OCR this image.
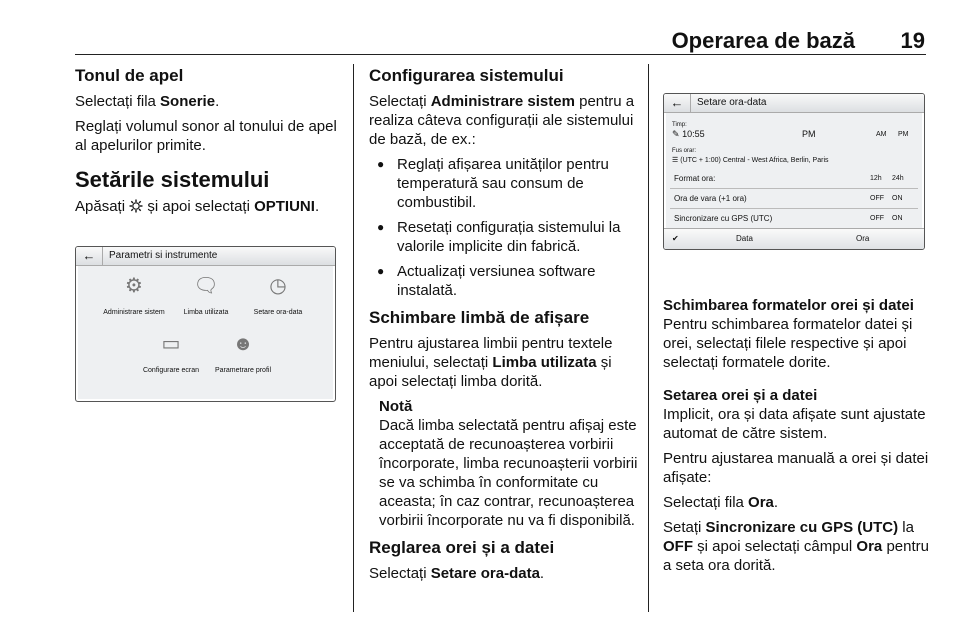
Operarea de bază 19
Tonul de apel

Selectați fila Sonerie.

Reglați volumul sonor al tonului de apel al apelurilor primite.

Setările sistemului

Apăsați  și apoi selectați OPTIUNI.

←	Parametri si instrumente
⚙
Administrare sistem
🗨
Limba utilizata
◷
Setare ora-data
▭
Configurare ecran
☻
Parametrare profil
Configurarea sistemului

Selectați Administrare sistem pentru a realiza câteva configurații ale sistemului de bază, de ex.:

● Reglați afișarea unităților pentru temperatură sau consum de combustibil.
● Resetați configurația sistemului la valorile implicite din fabrică.
● Actualizați versiunea software instalată.
Schimbare limbă de afișare

Pentru ajustarea limbii pentru textele meniului, selectați Limba utilizata și apoi selectați limba dorită.

Notă
Dacă limba selectată pentru afișaj este acceptată de recunoașterea vorbirii încorporate, limba recunoașterii vorbirii se va schimba în conformitate cu aceasta; în caz contrar, recunoașterea vorbirii încorporate nu va fi disponibilă.
Reglarea orei și a datei

Selectați Setare ora-data.

←	Setare ora-data
Timp:
✎ 10:55	PM	AM PM
Fus orar:
☰ (UTC + 1:00) Central - West Africa, Berlin, Paris
Format ora:	12h 24h
Ora de vara (+1 ora)	OFF ON
Sincronizare cu GPS (UTC)	OFF ON
✔	Data	Ora
Schimbarea formatelor orei și datei

Pentru schimbarea formatelor datei și orei, selectați filele respective și apoi selectați formatele dorite.

Setarea orei și a datei

Implicit, ora și data afișate sunt ajustate automat de către sistem.

Pentru ajustarea manuală a orei și datei afișate:

Selectați fila Ora.

Setați Sincronizare cu GPS (UTC) la OFF și apoi selectați câmpul Ora pentru a seta ora dorită.
